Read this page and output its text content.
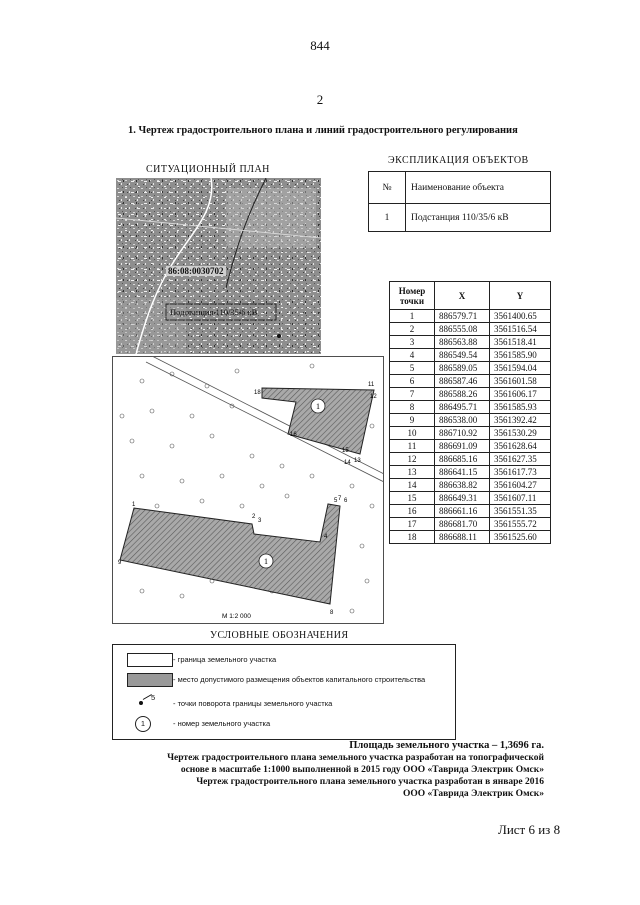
844
2
1. Чертеж градостроительного плана и линий градостроительного регулирования
СИТУАЦИОННЫЙ ПЛАН
ЭКСПЛИКАЦИЯ ОБЪЕКТОВ
86:08:0030702
Подстанция 110/35/6 кВ
№	Наименование объекта
1	Подстанция 110/35/6 кВ
Номер точки	X	Y
1	886579.71	3561400.65
2	886555.08	3561516.54
3	886563.88	3561518.41
4	886549.54	3561585.90
5	886589.05	3561594.04
6	886587.46	3561601.58
7	886588.26	3561606.17
8	886495.71	3561585.93
9	886538.00	3561392.42
10	886710.92	3561530.29
11	886691.09	3561628.64
12	886685.16	3561627.35
13	886641.15	3561617.73
14	886638.82	3561604.27
15	886649.31	3561607.11
16	886661.16	3561551.35
17	886681.70	3561555.72
18	886688.11	3561525.60
1
1
18
11
12
16
15
14 13
1
2
3
4
5 6
7
8
9
М 1:2 000
УСЛОВНЫЕ ОБОЗНАЧЕНИЯ
- граница земельного участка
- место допустимого размещения объектов капитального строительства
5
- точки поворота границы земельного участка
1	- номер земельного участка
Площадь земельного участка – 1,3696 га.
Чертеж градостроительного плана земельного участка разработан на топографической
основе в масштабе 1:1000 выполненной в 2015 году ООО «Таврида Электрик Омск»
Чертеж градостроительного плана земельного участка разработан в январе 2016
ООО «Таврида Электрик Омск»
Лист 6 из 8
